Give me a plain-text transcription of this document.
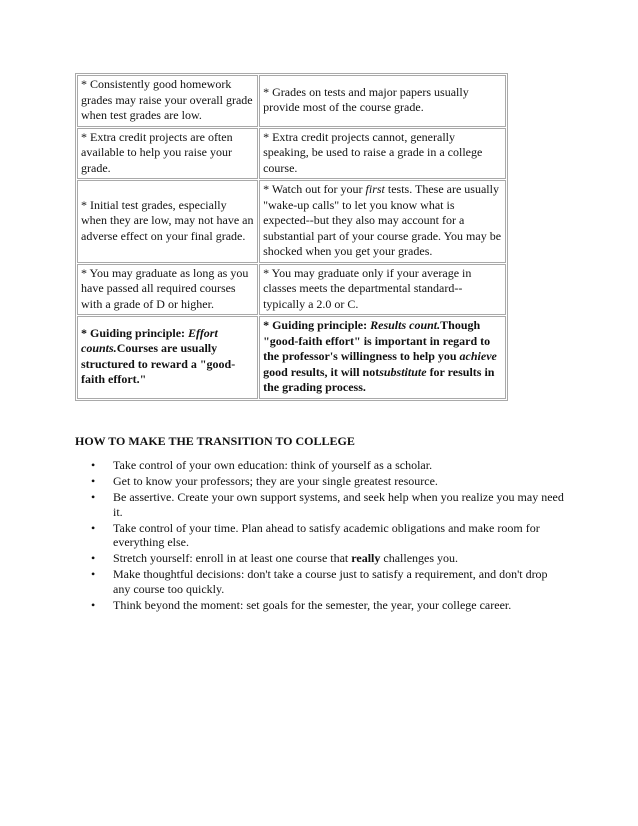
* Consistently good homework grades may raise your overall grade when test grades are low.	* Grades on tests and major papers usually provide most of the course grade.
* Extra credit projects are often available to help you raise your grade.	* Extra credit projects cannot, generally speaking, be used to raise a grade in a college course.
* Initial test grades, especially when they are low, may not have an adverse effect on your final grade.	* Watch out for your first tests. These are usually "wake-up calls" to let you know what is expected--but they also may account for a substantial part of your course grade. You may be shocked when you get your grades.
* You may graduate as long as you have passed all required courses with a grade of D or higher.	* You may graduate only if your average in classes meets the departmental standard--typically a 2.0 or C.
* Guiding principle: Effort counts.Courses are usually structured to reward a "good-faith effort."	* Guiding principle: Results count.Though "good-faith effort" is important in regard to the professor's willingness to help you achieve good results, it will notsubstitute for results in the grading process.
HOW TO MAKE THE TRANSITION TO COLLEGE
• Take control of your own education: think of yourself as a scholar.
• Get to know your professors; they are your single greatest resource.
• Be assertive. Create your own support systems, and seek help when you realize you may need it.
• Take control of your time. Plan ahead to satisfy academic obligations and make room for everything else.
• Stretch yourself: enroll in at least one course that really challenges you.
• Make thoughtful decisions: don't take a course just to satisfy a requirement, and don't drop any course too quickly.
• Think beyond the moment: set goals for the semester, the year, your college career.
